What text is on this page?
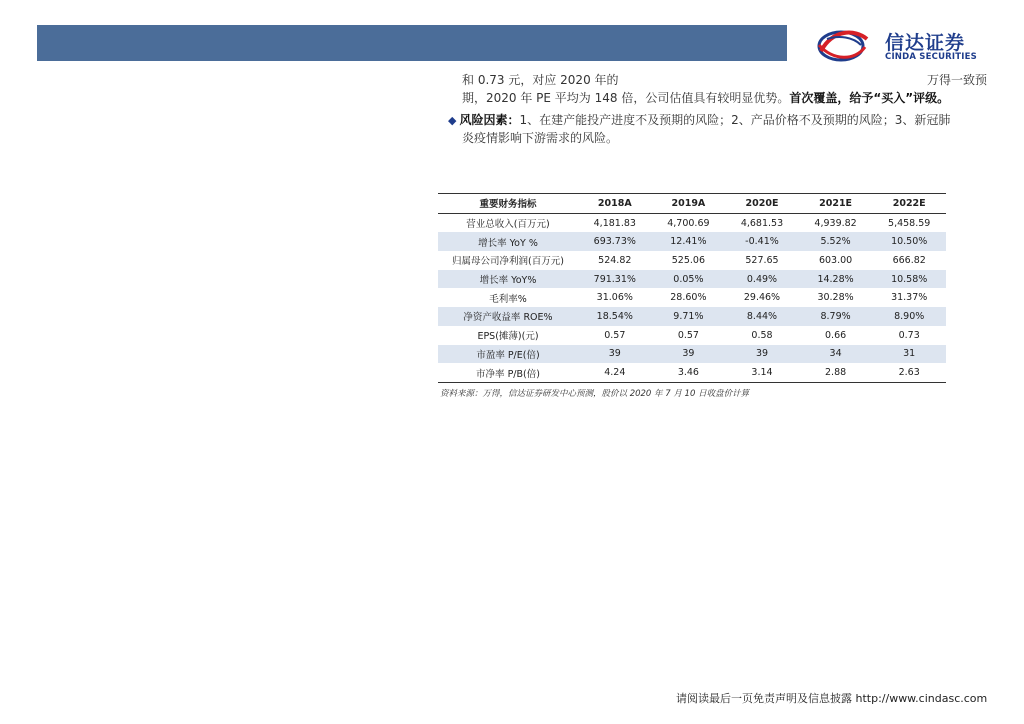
信达证券
CINDA SECURITIES
和 0.73 元，对应 2020 年的	万得一致预
期，2020 年 PE 平均为 148 倍，公司估值具有较明显优势。首次覆盖，给予“买入”评级。
◆ 风险因素：1、在建产能投产进度不及预期的风险；2、产品价格不及预期的风险；3、新冠肺
炎疫情影响下游需求的风险。
重要财务指标	2018A	2019A	2020E	2021E	2022E
营业总收入(百万元)	4,181.83	4,700.69	4,681.53	4,939.82	5,458.59
增长率 YoY %	693.73%	12.41%	-0.41%	5.52%	10.50%
归属母公司净利润(百万元)	524.82	525.06	527.65	603.00	666.82
增长率 YoY%	791.31%	0.05%	0.49%	14.28%	10.58%
毛利率%	31.06%	28.60%	29.46%	30.28%	31.37%
净资产收益率 ROE%	18.54%	9.71%	8.44%	8.79%	8.90%
EPS(摊薄)(元)	0.57	0.57	0.58	0.66	0.73
市盈率 P/E(倍)	39	39	39	34	31
市净率 P/B(倍)	4.24	3.46	3.14	2.88	2.63
资料来源：万得，信达证券研发中心预测，股价以 2020 年 7 月 10 日收盘价计算
请阅读最后一页免责声明及信息披露 http://www.cindasc.com
